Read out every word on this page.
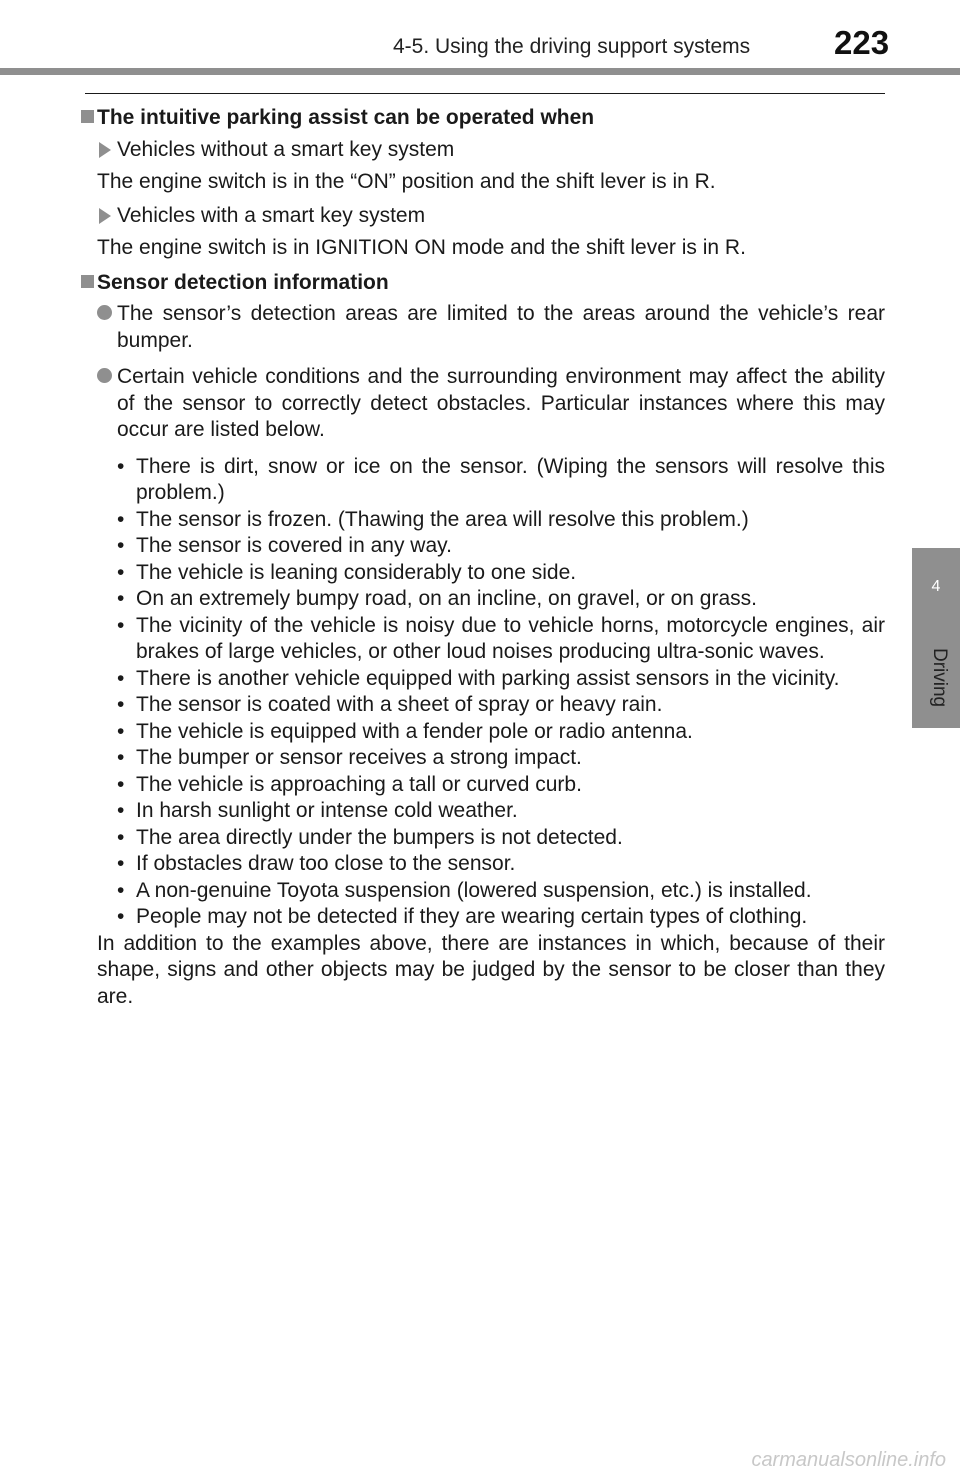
4-5. Using the driving support systems	223
4
Driving
The intuitive parking assist can be operated when
Vehicles without a smart key system

The engine switch is in the “ON” position and the shift lever is in R.

Vehicles with a smart key system

The engine switch is in IGNITION ON mode and the shift lever is in R.

Sensor detection information
The sensor’s detection areas are limited to the areas around the vehicle’s rear bumper.
Certain vehicle conditions and the surrounding environment may affect the ability of the sensor to correctly detect obstacles. Particular instances where this may occur are listed below.
• There is dirt, snow or ice on the sensor. (Wiping the sensors will resolve this problem.)
• The sensor is frozen. (Thawing the area will resolve this problem.)
• The sensor is covered in any way.
• The vehicle is leaning considerably to one side.
• On an extremely bumpy road, on an incline, on gravel, or on grass.
• The vicinity of the vehicle is noisy due to vehicle horns, motorcycle engines, air brakes of large vehicles, or other loud noises producing ultra-sonic waves.
• There is another vehicle equipped with parking assist sensors in the vicinity.
• The sensor is coated with a sheet of spray or heavy rain.
• The vehicle is equipped with a fender pole or radio antenna.
• The bumper or sensor receives a strong impact.
• The vehicle is approaching a tall or curved curb.
• In harsh sunlight or intense cold weather.
• The area directly under the bumpers is not detected.
• If obstacles draw too close to the sensor.
• A non-genuine Toyota suspension (lowered suspension, etc.) is installed.
• People may not be detected if they are wearing certain types of clothing.

In addition to the examples above, there are instances in which, because of their shape, signs and other objects may be judged by the sensor to be closer than they are.

carmanualsonline.info
